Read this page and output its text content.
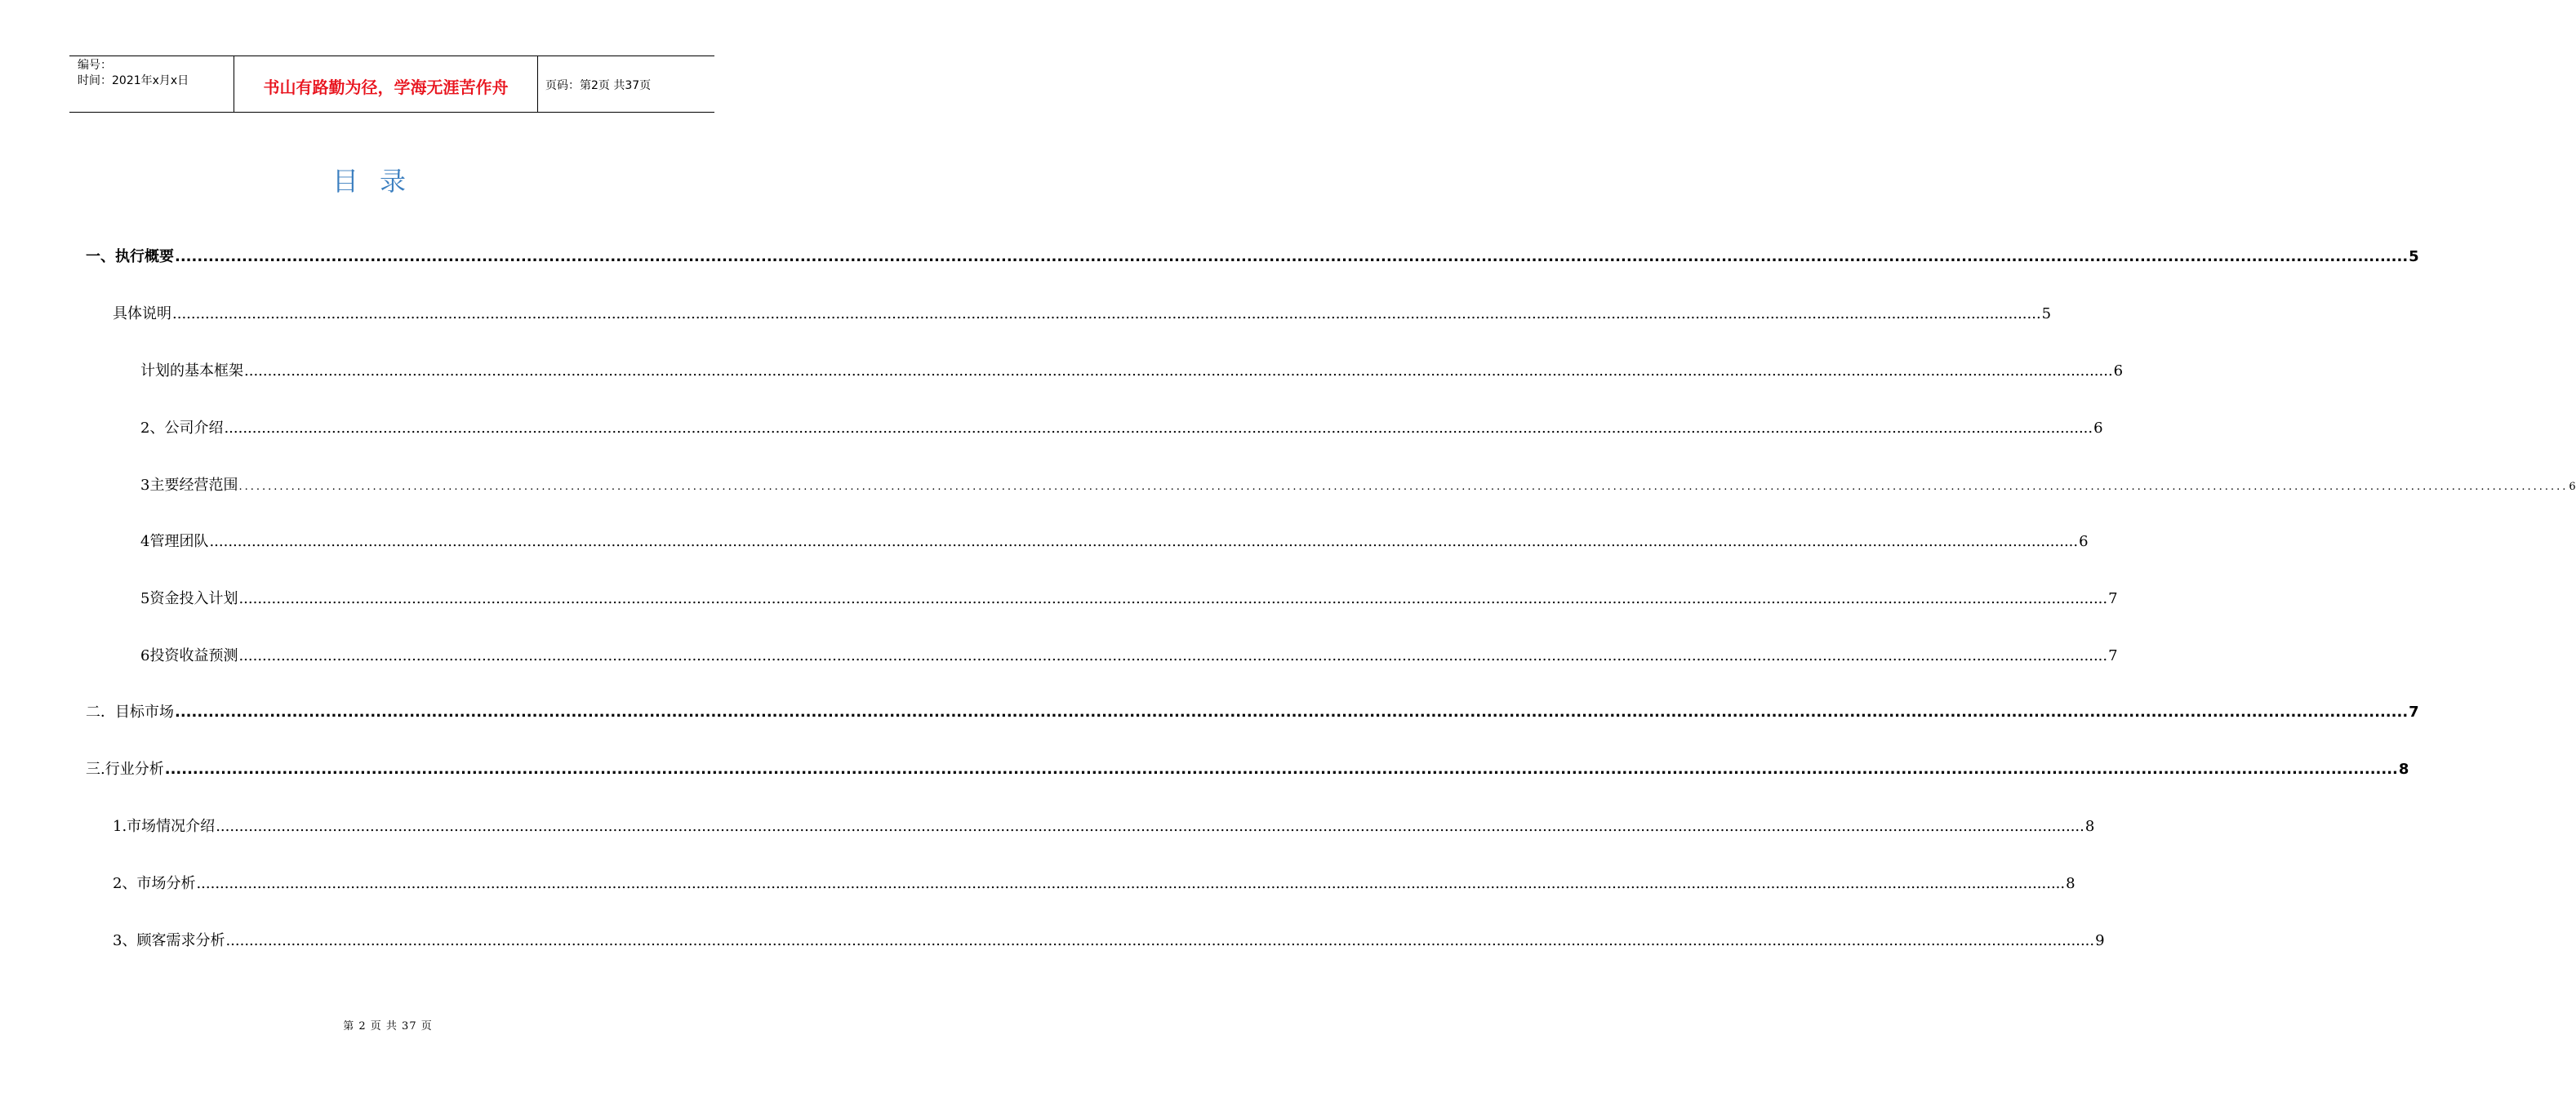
编号：
时间：2021年x月x日	书山有路勤为径，学海无涯苦作舟	页码：第2页 共37页
目录
一、执行概要 ................................................................................................................................................................................................................................................................................................................................................................................................................ 5
具体说明 ................................................................................................................................................................................................................................................................................................................................................................................................................ 5
计划的基本框架 ................................................................................................................................................................................................................................................................................................................................................................................................................ 6
2、公司介绍 ................................................................................................................................................................................................................................................................................................................................................................................................................ 6
3主要经营范围 ................................................................................................................................................................................................................................................................................................................................................................................................................ 6
4管理团队 ................................................................................................................................................................................................................................................................................................................................................................................................................ 6
5资金投入计划 ................................................................................................................................................................................................................................................................................................................................................................................................................ 7
6投资收益预测 ................................................................................................................................................................................................................................................................................................................................................................................................................ 7
二．目标市场 ................................................................................................................................................................................................................................................................................................................................................................................................................ 7
三.行业分析 ................................................................................................................................................................................................................................................................................................................................................................................................................ 8
1.市场情况介绍 ................................................................................................................................................................................................................................................................................................................................................................................................................ 8
2、市场分析 ................................................................................................................................................................................................................................................................................................................................................................................................................ 8
3、顾客需求分析 ................................................................................................................................................................................................................................................................................................................................................................................................................ 9
第 2 页 共 37 页
